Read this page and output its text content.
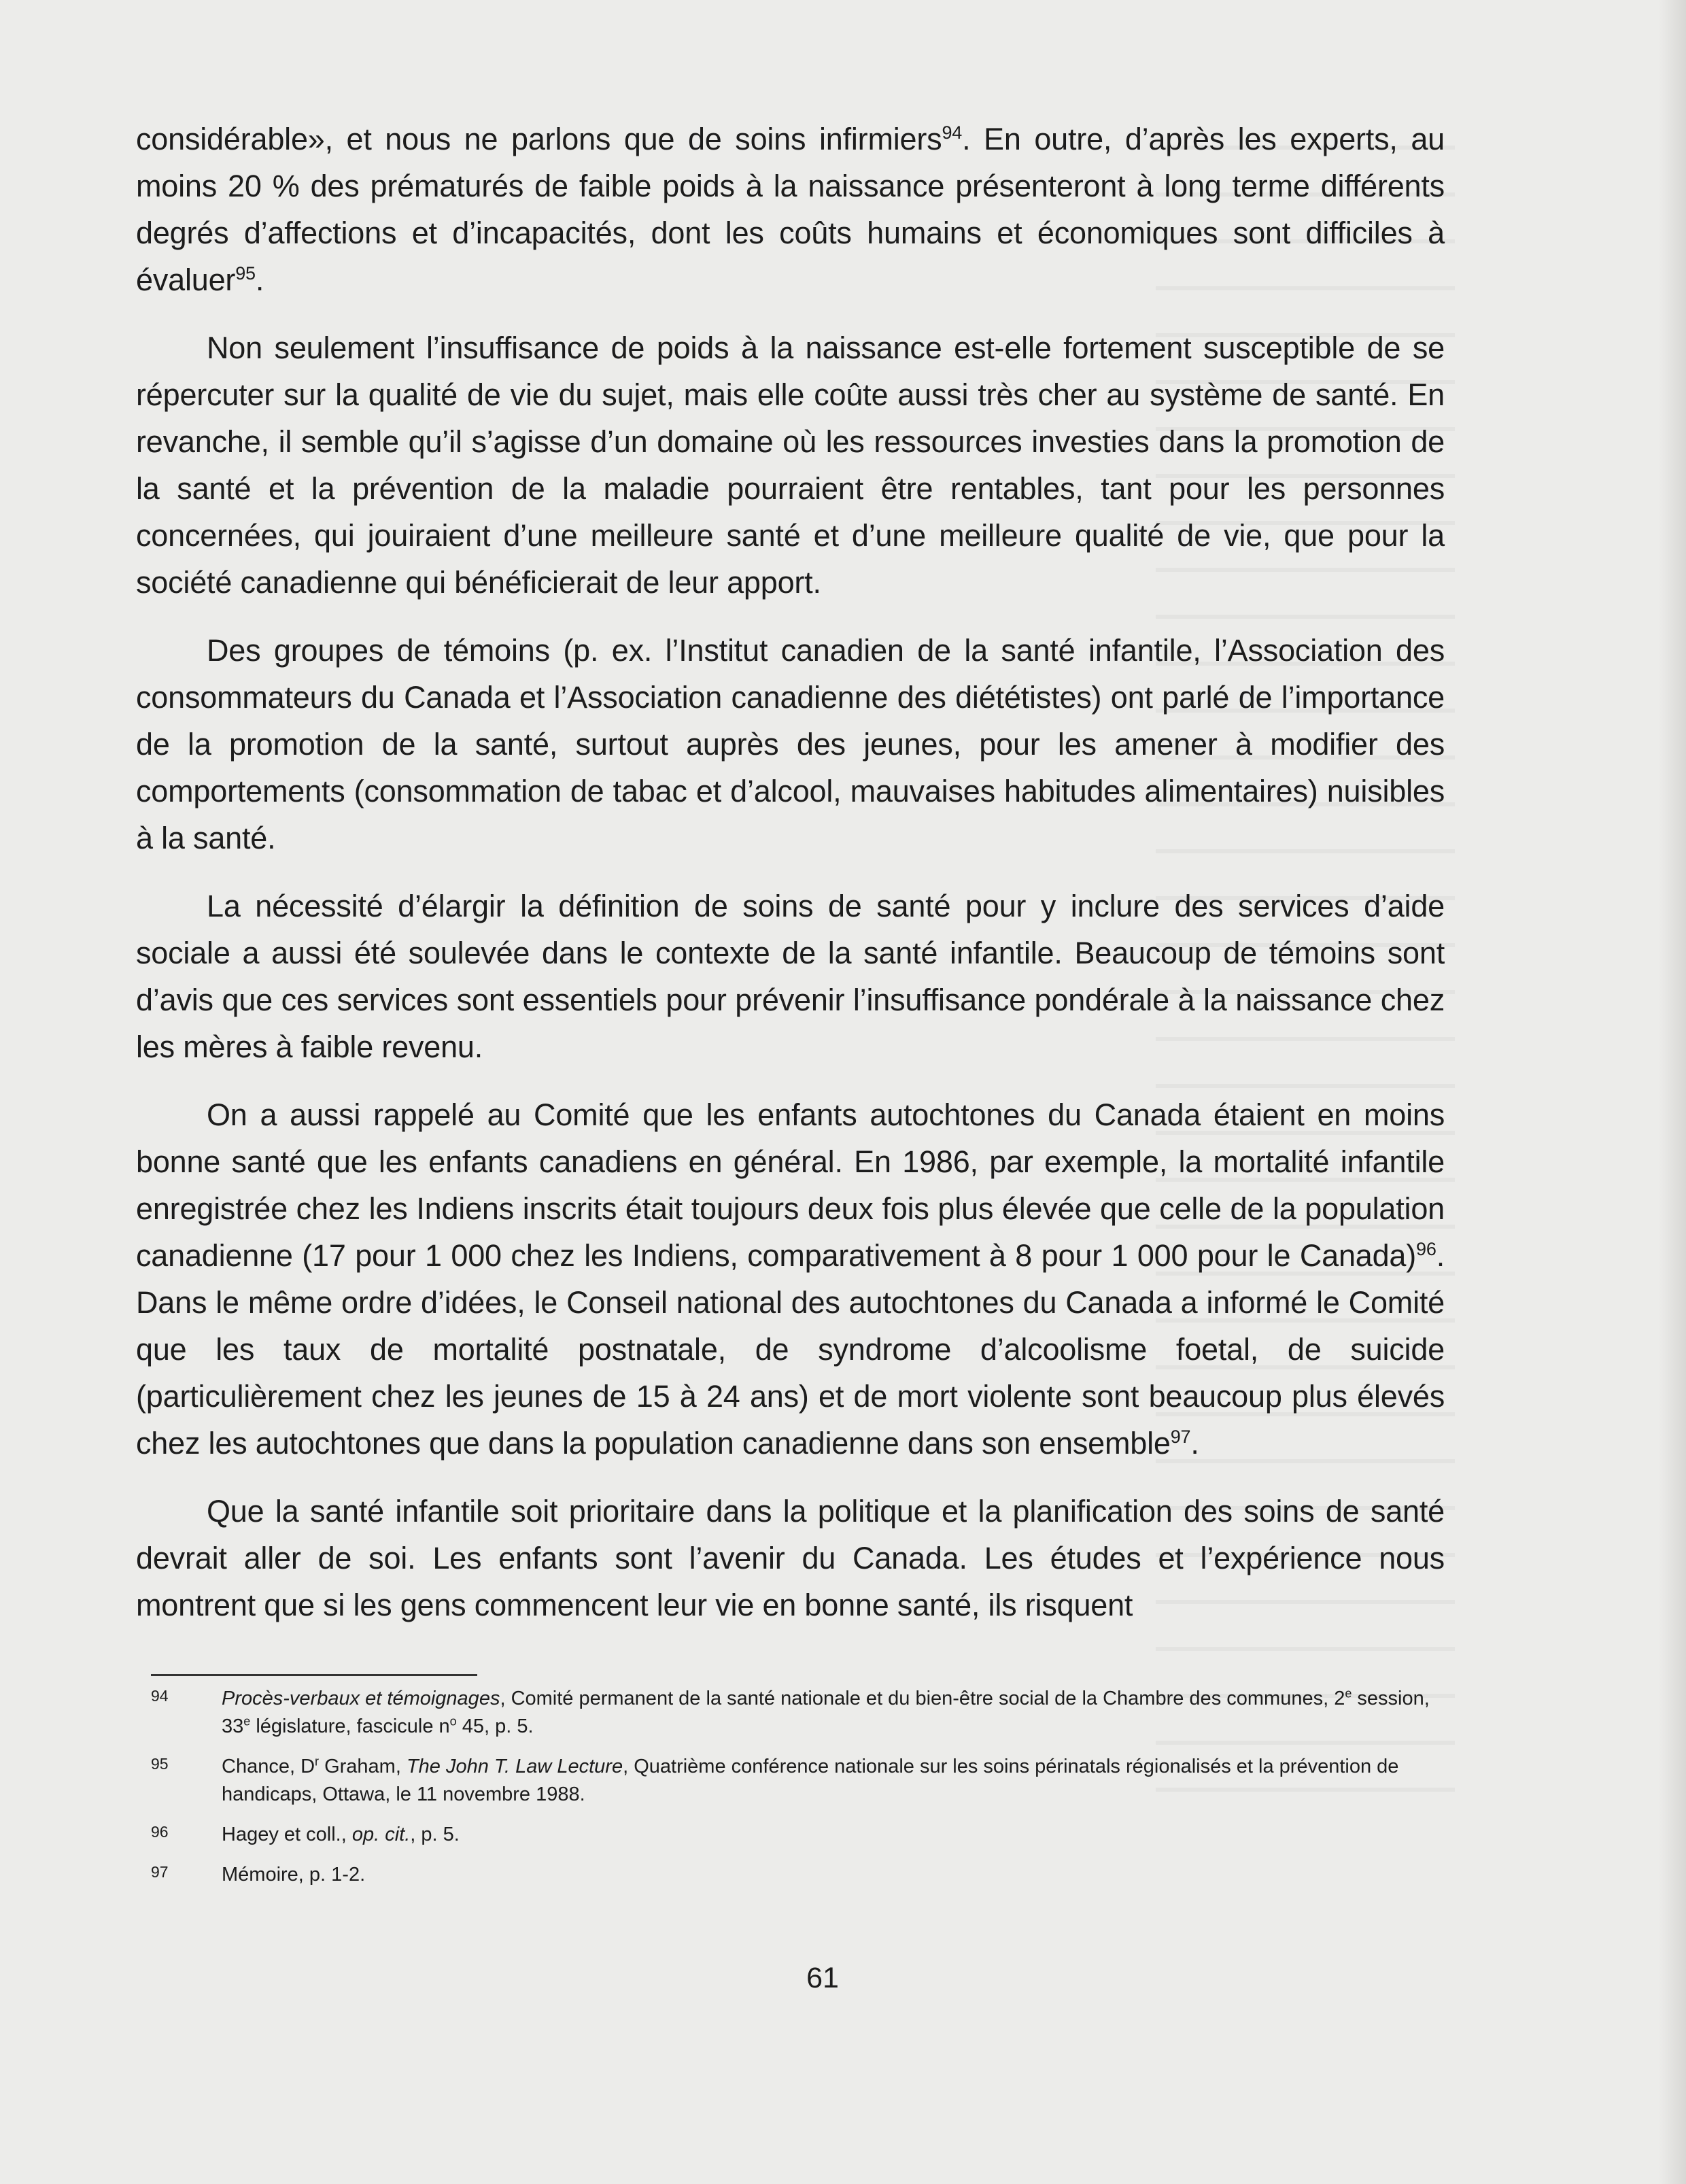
considérable», et nous ne parlons que de soins infirmiers$^{94}$. En outre, d’après les experts, au moins 20 % des prématurés de faible poids à la naissance présenteront à long terme différents degrés d’affections et d’incapacités, dont les coûts humains et économiques sont difficiles à évaluer$^{95}$.

Non seulement l’insuffisance de poids à la naissance est-elle fortement susceptible de se répercuter sur la qualité de vie du sujet, mais elle coûte aussi très cher au système de santé. En revanche, il semble qu’il s’agisse d’un domaine où les ressources investies dans la promotion de la santé et la prévention de la maladie pourraient être rentables, tant pour les personnes concernées, qui jouiraient d’une meilleure santé et d’une meilleure qualité de vie, que pour la société canadienne qui bénéficierait de leur apport.

Des groupes de témoins (p. ex. l’Institut canadien de la santé infantile, l’Association des consommateurs du Canada et l’Association canadienne des diététistes) ont parlé de l’importance de la promotion de la santé, surtout auprès des jeunes, pour les amener à modifier des comportements (consommation de tabac et d’alcool, mauvaises habitudes alimentaires) nuisibles à la santé.

La nécessité d’élargir la définition de soins de santé pour y inclure des services d’aide sociale a aussi été soulevée dans le contexte de la santé infantile. Beaucoup de témoins sont d’avis que ces services sont essentiels pour prévenir l’insuffisance pondérale à la naissance chez les mères à faible revenu.

On a aussi rappelé au Comité que les enfants autochtones du Canada étaient en moins bonne santé que les enfants canadiens en général. En 1986, par exemple, la mortalité infantile enregistrée chez les Indiens inscrits était toujours deux fois plus élevée que celle de la population canadienne (17 pour 1 000 chez les Indiens, comparativement à 8 pour 1 000 pour le Canada)$^{96}$. Dans le même ordre d’idées, le Conseil national des autochtones du Canada a informé le Comité que les taux de mortalité postnatale, de syndrome d’alcoolisme foetal, de suicide (particulièrement chez les jeunes de 15 à 24 ans) et de mort violente sont beaucoup plus élevés chez les autochtones que dans la population canadienne dans son ensemble$^{97}$.

Que la santé infantile soit prioritaire dans la politique et la planification des soins de santé devrait aller de soi. Les enfants sont l’avenir du Canada. Les études et l’expérience nous montrent que si les gens commencent leur vie en bonne santé, ils risquent

94	Procès-verbaux et témoignages, Comité permanent de la santé nationale et du bien-être social de la Chambre des communes, 2e session, 33e législature, fascicule $n^o$ 45, p. 5.
95	Chance, $D^r$ Graham, The John T. Law Lecture, Quatrième conférence nationale sur les soins périnatals régionalisés et la prévention de handicaps, Ottawa, le 11 novembre 1988.
96	Hagey et coll., op. cit., p. 5.
97	Mémoire, p. 1-2.
61
